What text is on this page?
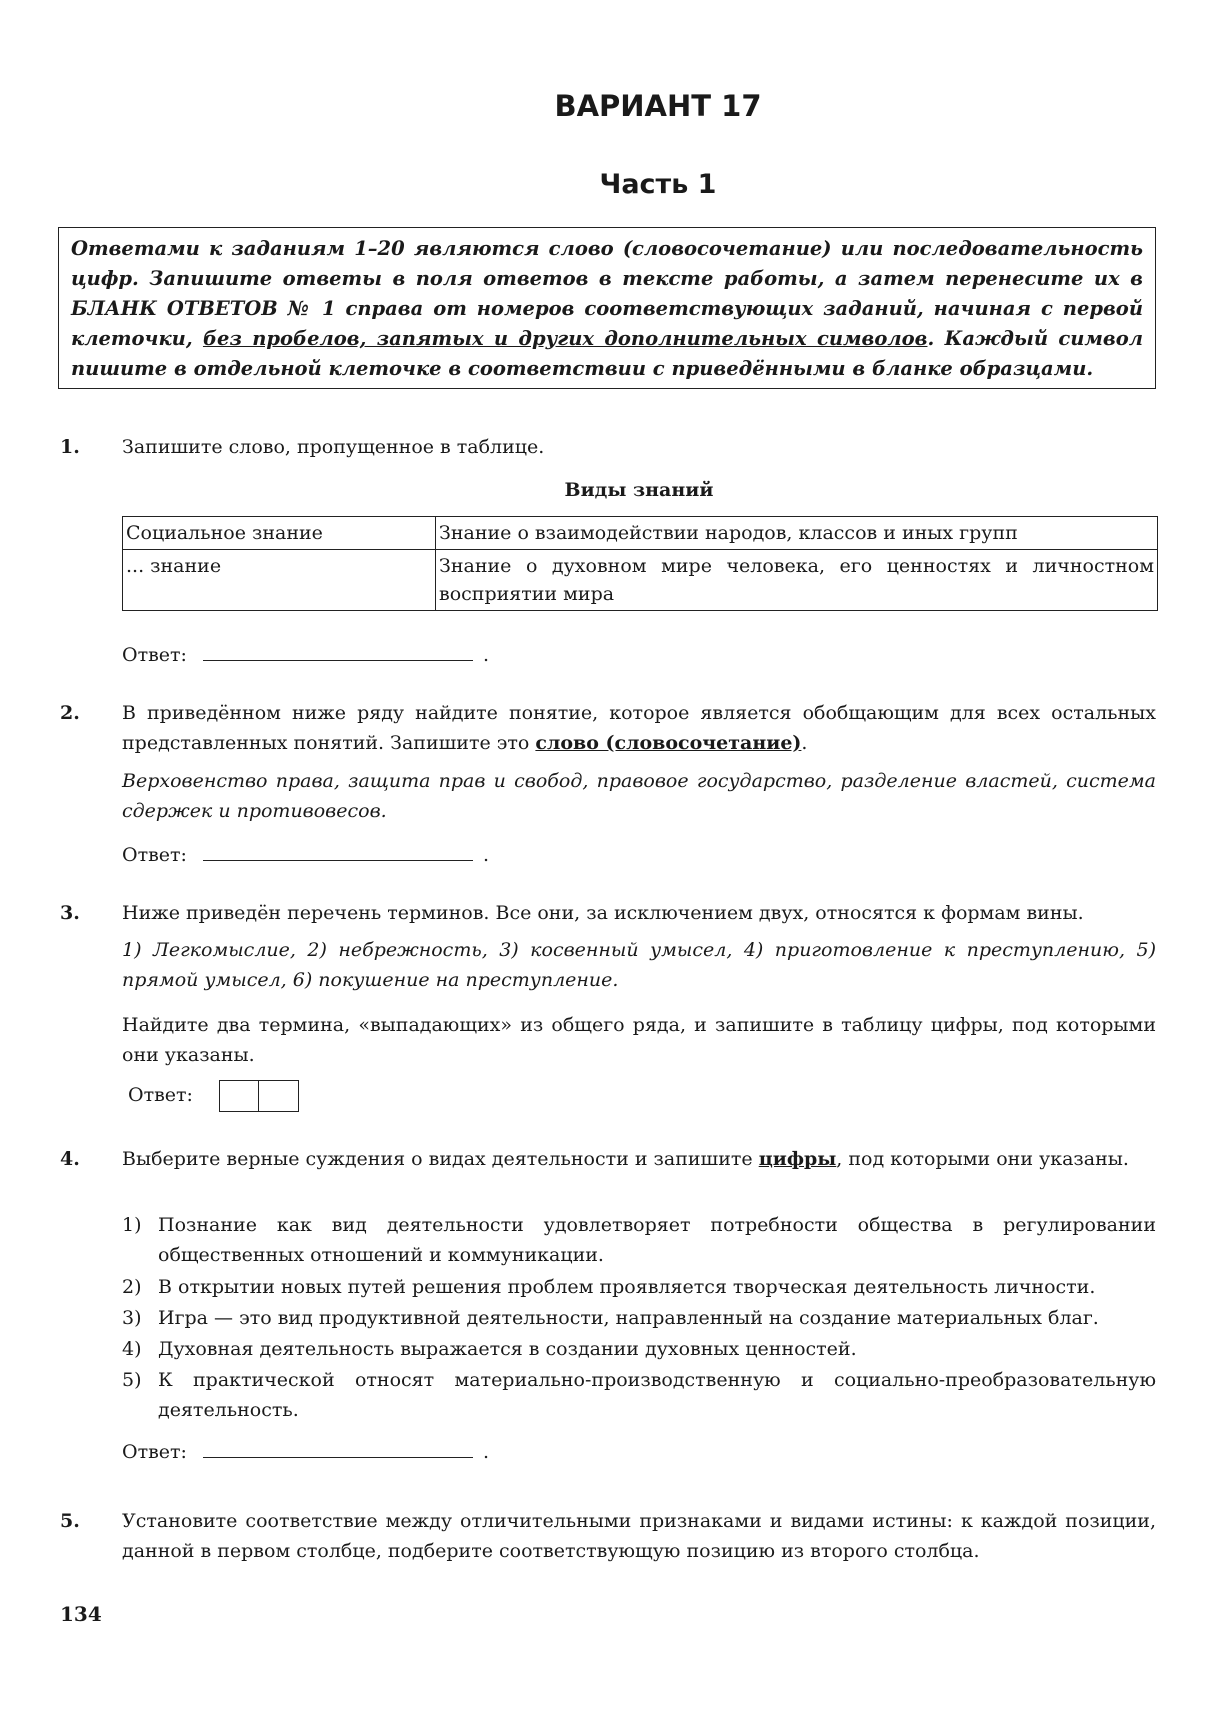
ВАРИАНТ 17
Часть 1
Ответами к заданиям 1–20 являются слово (словосочетание) или последовательность цифр. Запишите ответы в поля ответов в тексте работы, а затем перенесите их в БЛАНК ОТВЕТОВ № 1 справа от номеров соответствующих заданий, начиная с первой клеточки, без пробелов, запятых и других дополнительных символов. Каждый символ пишите в отдельной клеточке в соответствии с приведёнными в бланке образцами.
1. Запишите слово, пропущенное в таблице.
Виды знаний
Социальное знание	Знание о взаимодействии народов, классов и иных групп
... знание	Знание о духовном мире человека, его ценностях и личностном восприятии мира
Ответ:	.
2. В приведённом ниже ряду найдите понятие, которое является обобщающим для всех остальных представленных понятий. Запишите это слово (словосочетание).
Верховенство права, защита прав и свобод, правовое государство, разделение властей, система сдержек и противовесов.
Ответ:	.
3. Ниже приведён перечень терминов. Все они, за исключением двух, относятся к формам вины.
1) Легкомыслие, 2) небрежность, 3) косвенный умысел, 4) приготовление к преступлению, 5) прямой умысел, 6) покушение на преступление.
Найдите два термина, «выпадающих» из общего ряда, и запишите в таблицу цифры, под которыми они указаны.
Ответ:
4. Выберите верные суждения о видах деятельности и запишите цифры, под которыми они указаны.
1) Познание как вид деятельности удовлетворяет потребности общества в регулировании общественных отношений и коммуникации.
2) В открытии новых путей решения проблем проявляется творческая деятельность личности.
3) Игра — это вид продуктивной деятельности, направленный на создание материальных благ.
4) Духовная деятельность выражается в создании духовных ценностей.
5) К практической относят материально-производственную и социально-преобразовательную деятельность.
Ответ:	.
5. Установите соответствие между отличительными признаками и видами истины: к каждой позиции, данной в первом столбце, подберите соответствующую позицию из второго столбца.
134
